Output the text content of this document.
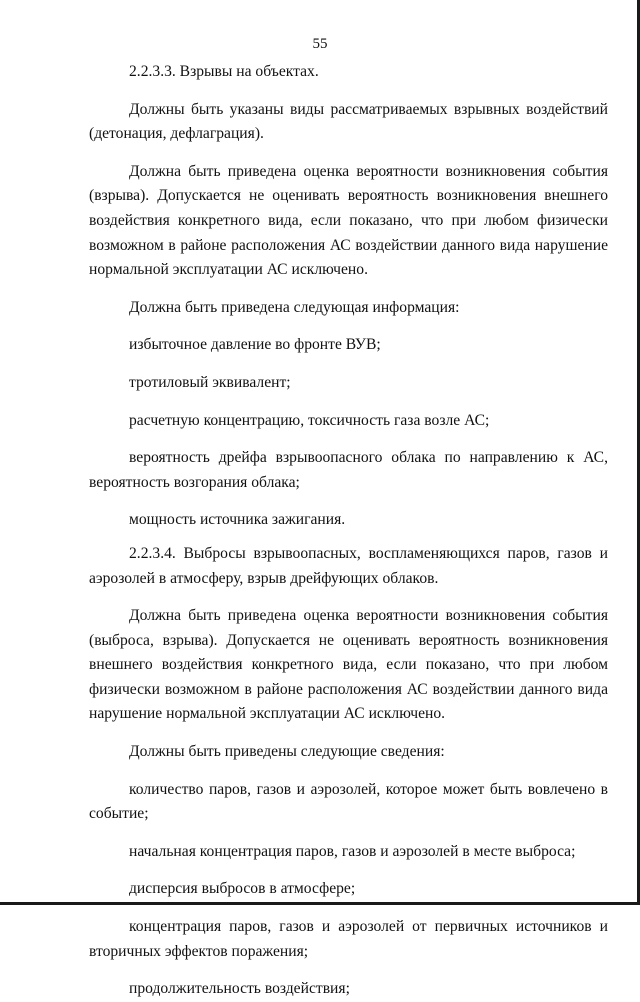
55

2.2.3.3. Взрывы на объектах.

Должны быть указаны виды рассматриваемых взрывных воздействий (детонация, дефлаграция).

Должна быть приведена оценка вероятности возникновения события (взрыва). Допускается не оценивать вероятность возникновения внешнего воздействия конкретного вида, если показано, что при любом физически возможном в районе расположения АС воздействии данного вида нарушение нормальной эксплуатации АС исключено.

Должна быть приведена следующая информация:

избыточное давление во фронте ВУВ;

тротиловый эквивалент;

расчетную концентрацию, токсичность газа возле АС;

вероятность дрейфа взрывоопасного облака по направлению к АС, вероятность возгорания облака;

мощность источника зажигания.

2.2.3.4. Выбросы взрывоопасных, воспламеняющихся паров, газов и аэрозолей в атмосферу, взрыв дрейфующих облаков.

Должна быть приведена оценка вероятности возникновения события (выброса, взрыва). Допускается не оценивать вероятность возникновения внешнего воздействия конкретного вида, если показано, что при любом физически возможном в районе расположения АС воздействии данного вида нарушение нормальной эксплуатации АС исключено.

Должны быть приведены следующие сведения:

количество паров, газов и аэрозолей, которое может быть вовлечено в событие;

начальная концентрация паров, газов и аэрозолей в месте выброса;

дисперсия выбросов в атмосфере;

концентрация паров, газов и аэрозолей от первичных источников и вторичных эффектов поражения;

продолжительность воздействия;
